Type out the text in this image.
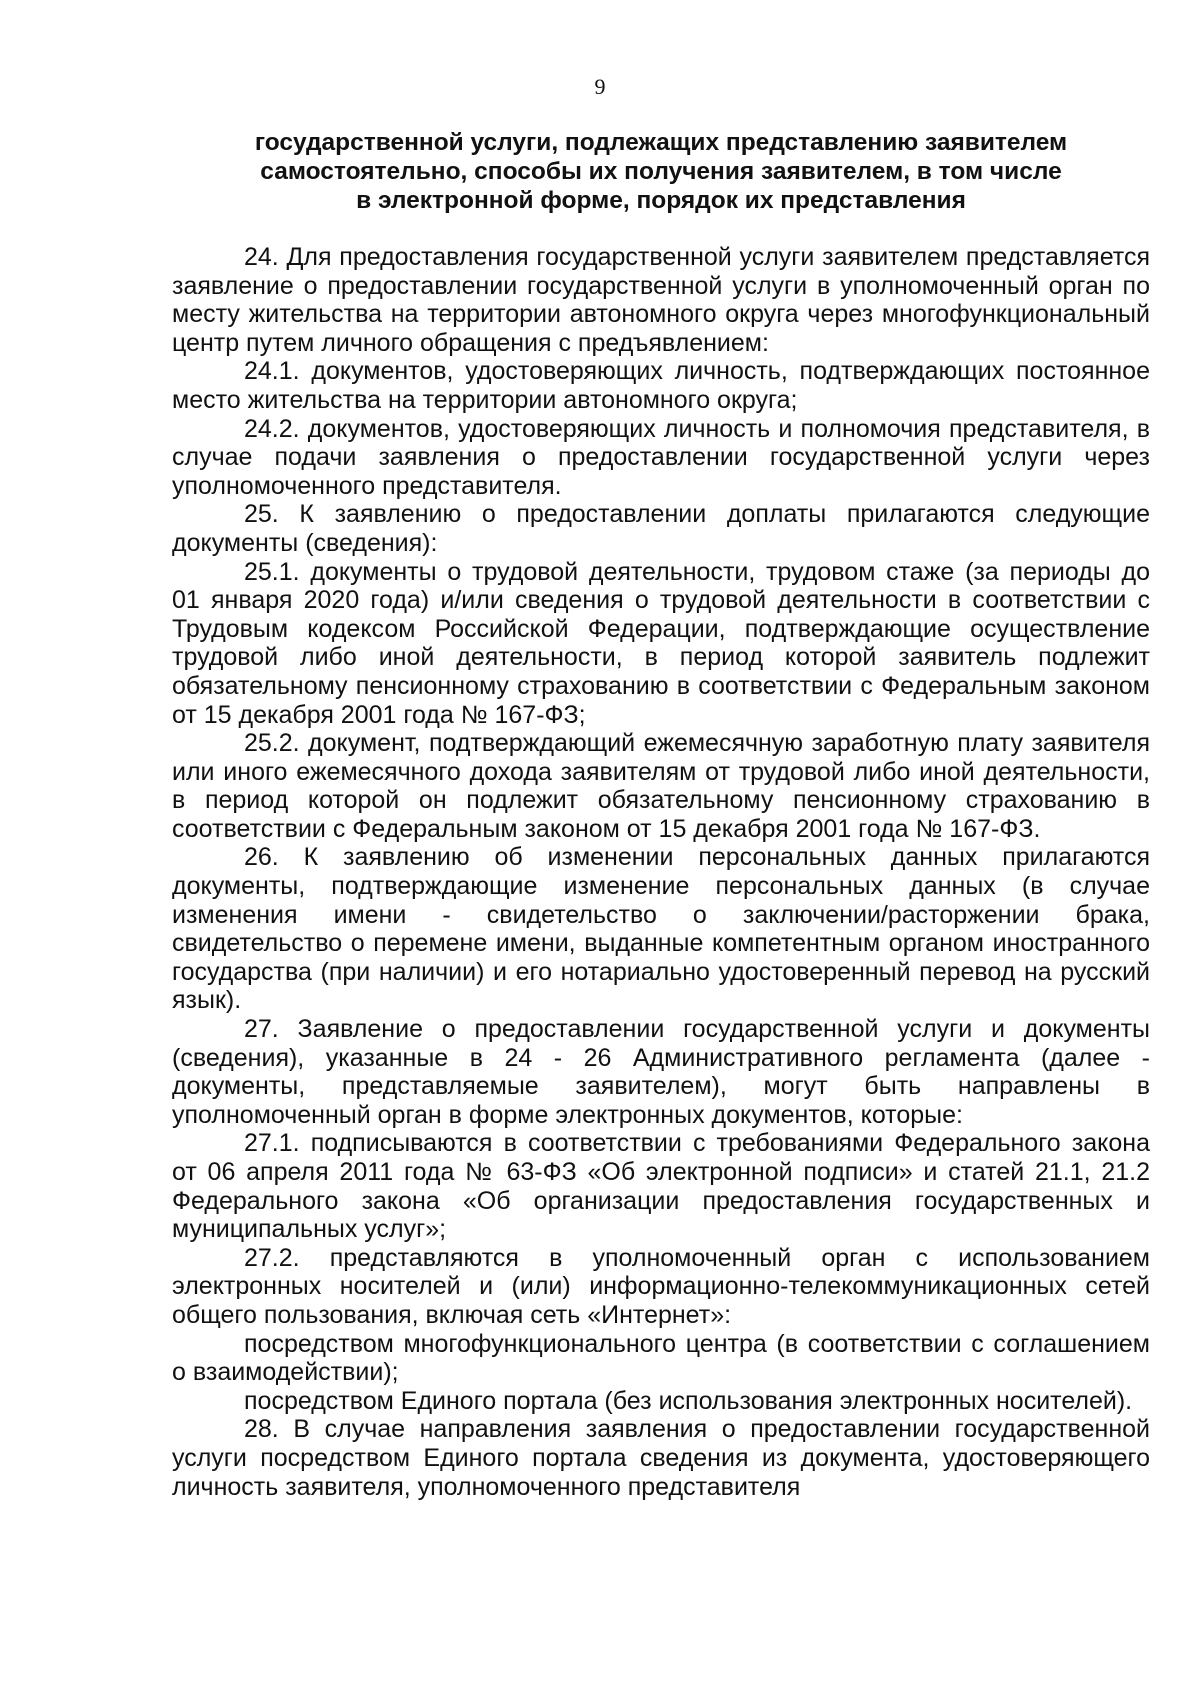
9
государственной услуги, подлежащих представлению заявителем
самостоятельно, способы их получения заявителем, в том числе
в электронной форме, порядок их представления

24. Для предоставления государственной услуги заявителем представляется заявление о предоставлении государственной услуги в уполномоченный орган по месту жительства на территории автономного округа через многофункциональный центр путем личного обращения с предъявлением:

24.1. документов, удостоверяющих личность, подтверждающих постоянное место жительства на территории автономного округа;

24.2. документов, удостоверяющих личность и полномочия представителя, в случае подачи заявления о предоставлении государственной услуги через уполномоченного представителя.

25. К заявлению о предоставлении доплаты прилагаются следующие документы (сведения):

25.1. документы о трудовой деятельности, трудовом стаже (за периоды до 01 января 2020 года) и/или сведения о трудовой деятельности в соответствии с Трудовым кодексом Российской Федерации, подтверждающие осуществление трудовой либо иной деятельности, в период которой заявитель подлежит обязательному пенсионному страхованию в соответствии с Федеральным законом от 15 декабря 2001 года № 167-ФЗ;

25.2. документ, подтверждающий ежемесячную заработную плату заявителя или иного ежемесячного дохода заявителям от трудовой либо иной деятельности, в период которой он подлежит обязательному пенсионному страхованию в соответствии с Федеральным законом от 15 декабря 2001 года № 167-ФЗ.

26. К заявлению об изменении персональных данных прилагаются документы, подтверждающие изменение персональных данных (в случае изменения имени - свидетельство о заключении/расторжении брака, свидетельство о перемене имени, выданные компетентным органом иностранного государства (при наличии) и его нотариально удостоверенный перевод на русский язык).

27. Заявление о предоставлении государственной услуги и документы (сведения), указанные в 24 - 26 Административного регламента (далее - документы, представляемые заявителем), могут быть направлены в уполномоченный орган в форме электронных документов, которые:

27.1. подписываются в соответствии с требованиями Федерального закона от 06 апреля 2011 года № 63-ФЗ «Об электронной подписи» и статей 21.1, 21.2 Федерального закона «Об организации предоставления государственных и муниципальных услуг»;

27.2. представляются в уполномоченный орган с использованием электронных носителей и (или) информационно-телекоммуникационных сетей общего пользования, включая сеть «Интернет»:

посредством многофункционального центра (в соответствии с соглашением о взаимодействии);

посредством Единого портала (без использования электронных носителей).

28. В случае направления заявления о предоставлении государственной услуги посредством Единого портала сведения из документа, удостоверяющего личность заявителя, уполномоченного представителя
